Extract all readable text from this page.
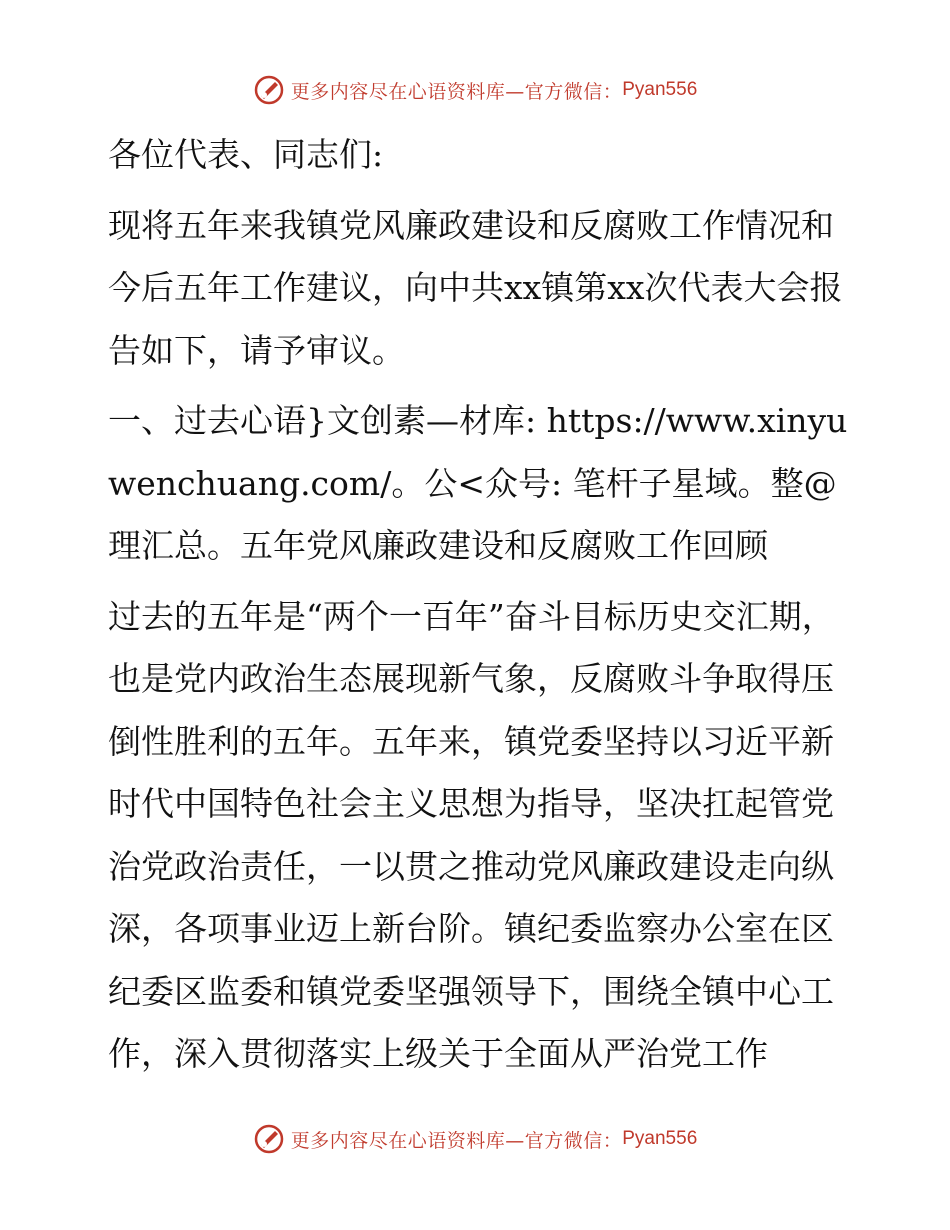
更多内容尽在心语资料库—官方微信： Pyan556

各位代表、同志们:

现将五年来我镇党风廉政建设和反腐败工作情况和今后五年工作建议，向中共xx镇第xx次代表大会报告如下，请予审议。

一、过去心语}文创素—材库: https://www.xinyuwenchuang.com/。公<众号: 笔杆子星域。整@理汇总。五年党风廉政建设和反腐败工作回顾

过去的五年是“两个一百年”奋斗目标历史交汇期，也是党内政治生态展现新气象，反腐败斗争取得压倒性胜利的五年。五年来，镇党委坚持以习近平新时代中国特色社会主义思想为指导，坚决扛起管党治党政治责任，一以贯之推动党风廉政建设走向纵深，各项事业迈上新台阶。镇纪委监察办公室在区纪委区监委和镇党委坚强领导下，围绕全镇中心工作，深入贯彻落实上级关于全面从严治党工作

更多内容尽在心语资料库—官方微信： Pyan556
